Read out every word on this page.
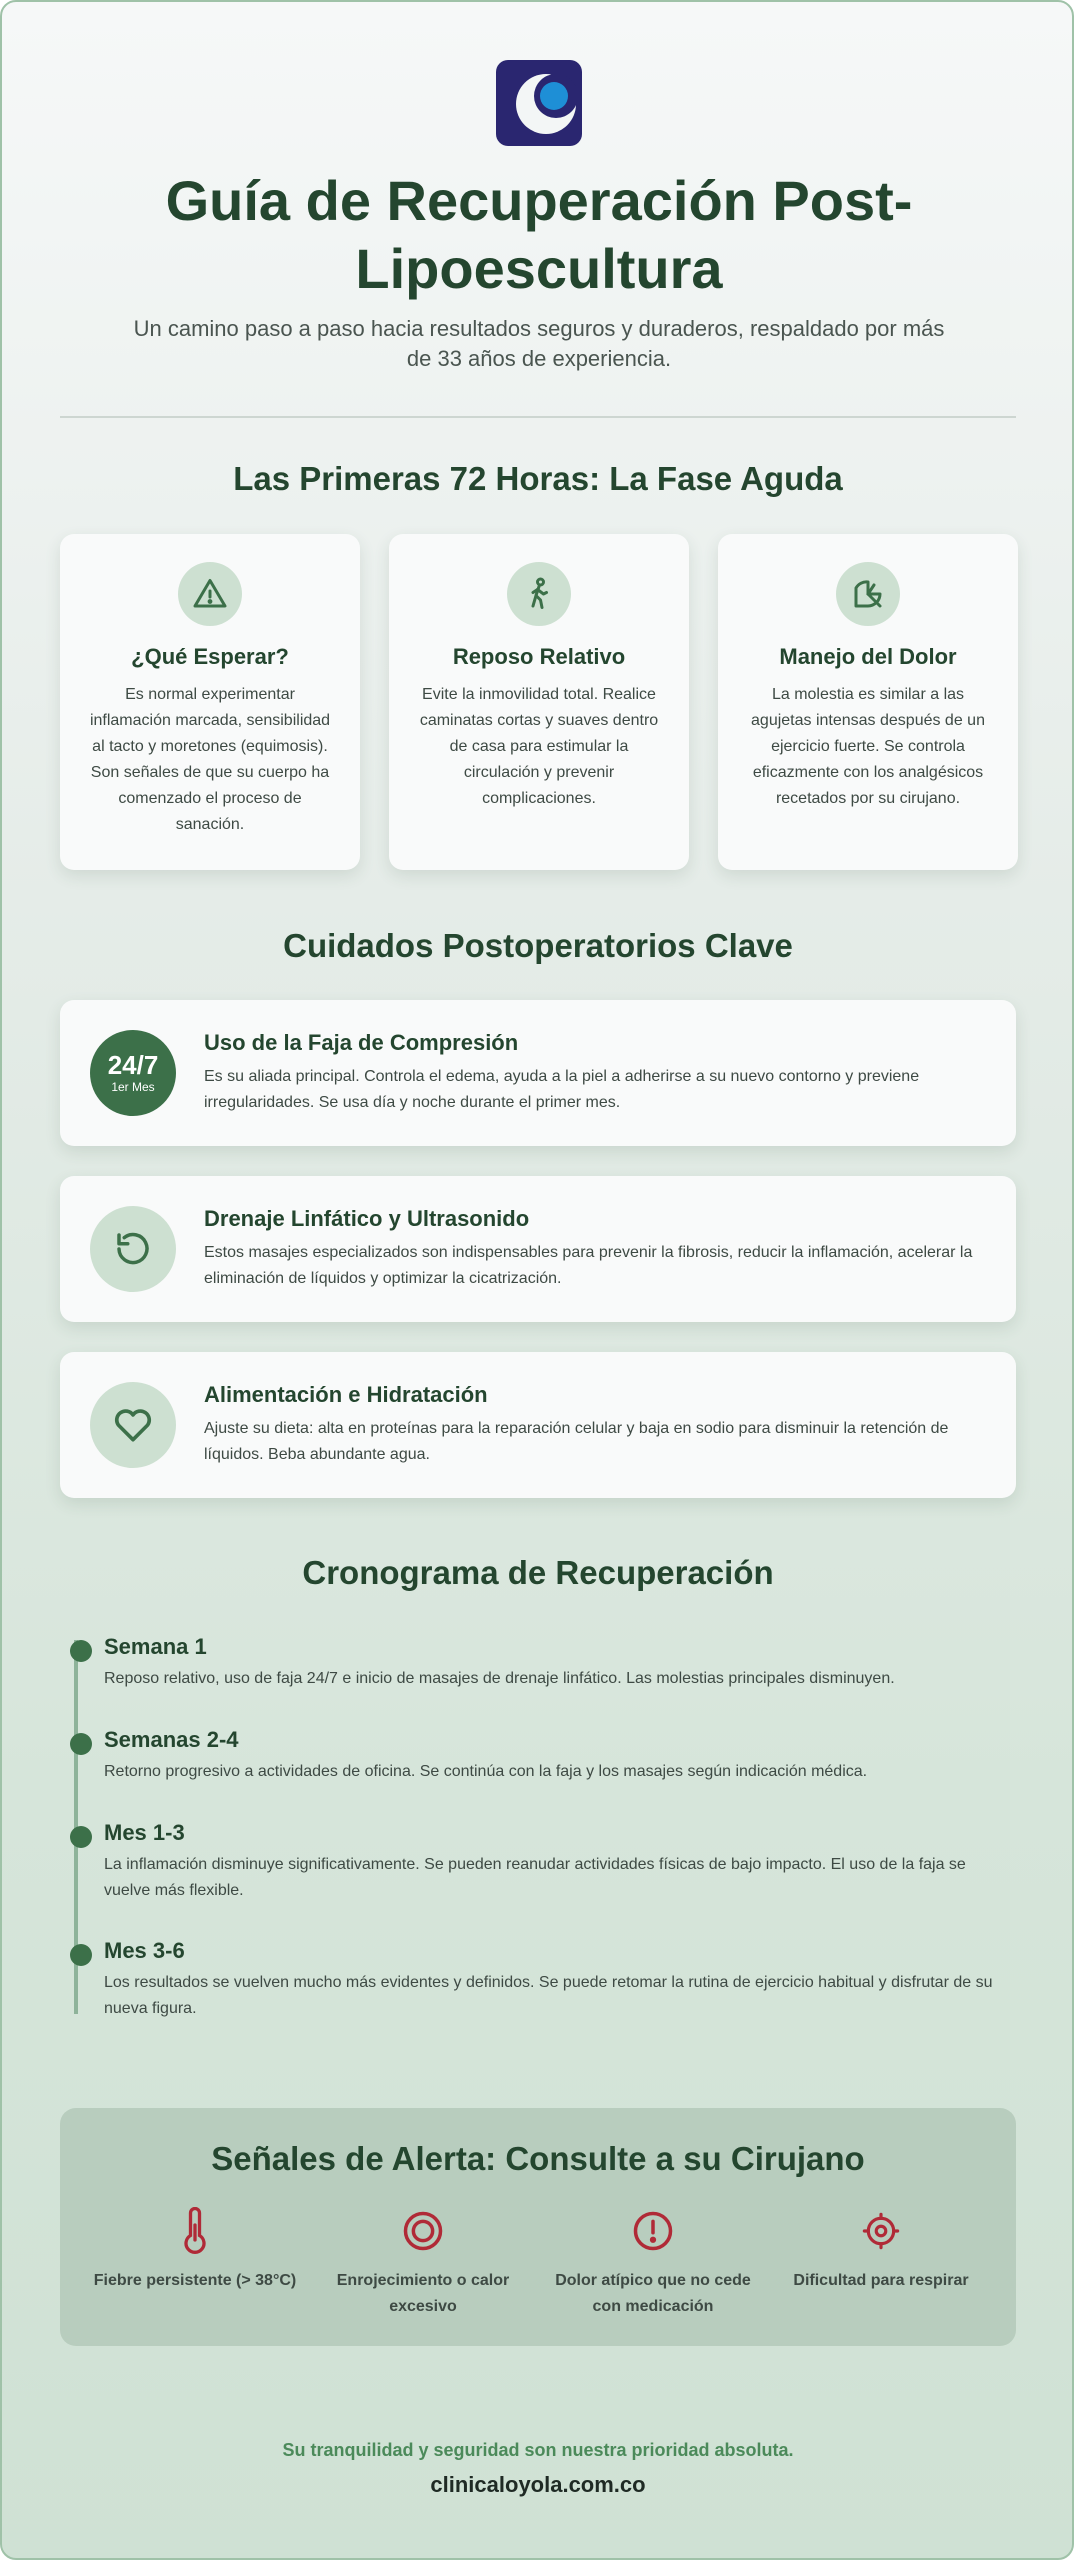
Guía de Recuperación Post-Lipoescultura

Un camino paso a paso hacia resultados seguros y duraderos, respaldado por más de 33 años de experiencia.

Las Primeras 72 Horas: La Fase Aguda
¿Qué Esperar?

Es normal experimentar inflamación marcada, sensibilidad al tacto y moretones (equimosis). Son señales de que su cuerpo ha comenzado el proceso de sanación.

Reposo Relativo

Evite la inmovilidad total. Realice caminatas cortas y suaves dentro de casa para estimular la circulación y prevenir complicaciones.

Manejo del Dolor

La molestia es similar a las agujetas intensas después de un ejercicio fuerte. Se controla eficazmente con los analgésicos recetados por su cirujano.

Cuidados Postoperatorios Clave
24/7
1er Mes
Uso de la Faja de Compresión

Es su aliada principal. Controla el edema, ayuda a la piel a adherirse a su nuevo contorno y previene irregularidades. Se usa día y noche durante el primer mes.

Drenaje Linfático y Ultrasonido

Estos masajes especializados son indispensables para prevenir la fibrosis, reducir la inflamación, acelerar la eliminación de líquidos y optimizar la cicatrización.

Alimentación e Hidratación

Ajuste su dieta: alta en proteínas para la reparación celular y baja en sodio para disminuir la retención de líquidos. Beba abundante agua.

Cronograma de Recuperación
Semana 1

Reposo relativo, uso de faja 24/7 e inicio de masajes de drenaje linfático. Las molestias principales disminuyen.

Semanas 2-4

Retorno progresivo a actividades de oficina. Se continúa con la faja y los masajes según indicación médica.

Mes 1-3

La inflamación disminuye significativamente. Se pueden reanudar actividades físicas de bajo impacto. El uso de la faja se vuelve más flexible.

Mes 3-6

Los resultados se vuelven mucho más evidentes y definidos. Se puede retomar la rutina de ejercicio habitual y disfrutar de su nueva figura.

Señales de Alerta: Consulte a su Cirujano
Fiebre persistente (> 38°C)	Enrojecimiento o calor excesivo
Dolor atípico que no cede con medicación
Dificultad para respirar

Su tranquilidad y seguridad son nuestra prioridad absoluta.

clinicaloyola.com.co
